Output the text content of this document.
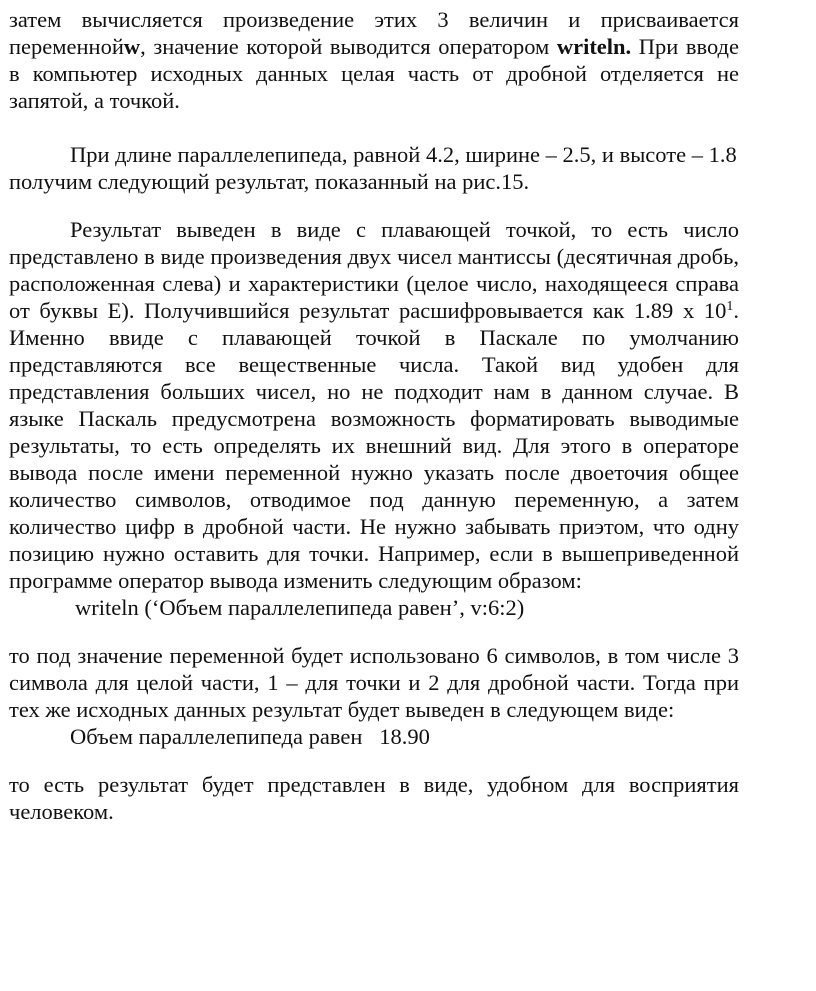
затем вычисляется произведение этих 3 величин и присваивается переменнойw, значение которой выводится оператором writeln. При вводе в компьютер исходных данных целая часть от дробной отделяется не запятой, а точкой.

При длине параллелепипеда, равной 4.2, ширине – 2.5, и высоте – 1.8

получим следующий результат, показанный на рис.15.

Результат выведен в виде с плавающей точкой, то есть число представлено в виде произведения двух чисел мантиссы (десятичная дробь, расположенная слева) и характеристики (целое число, находящееся справа от буквы Е). Получившийся результат расшифровывается как 1.89 х $10^1$. Именно ввиде с плавающей точкой в Паскале по умолчанию представляются все вещественные числа. Такой вид удобен для представления больших чисел, но не подходит нам в данном случае. В языке Паскаль предусмотрена возможность форматировать выводимые результаты, то есть определять их внешний вид. Для этого в операторе вывода после имени переменной нужно указать после двоеточия общее количество символов, отводимое под данную переменную, а затем количество цифр в дробной части. Не нужно забывать приэтом, что одну позицию нужно оставить для точки. Например, если в вышеприведенной программе оператор вывода изменить следующим образом:

writeln (‘Объем параллелепипеда равен’, v:6:2)

то под значение переменной будет использовано 6 символов, в том числе 3 символа для целой части, 1 – для точки и 2 для дробной части. Тогда при тех же исходных данных результат будет выведен в следующем виде:

Объем параллелепипеда равен   18.90

то есть результат будет представлен в виде, удобном для восприятия человеком.
